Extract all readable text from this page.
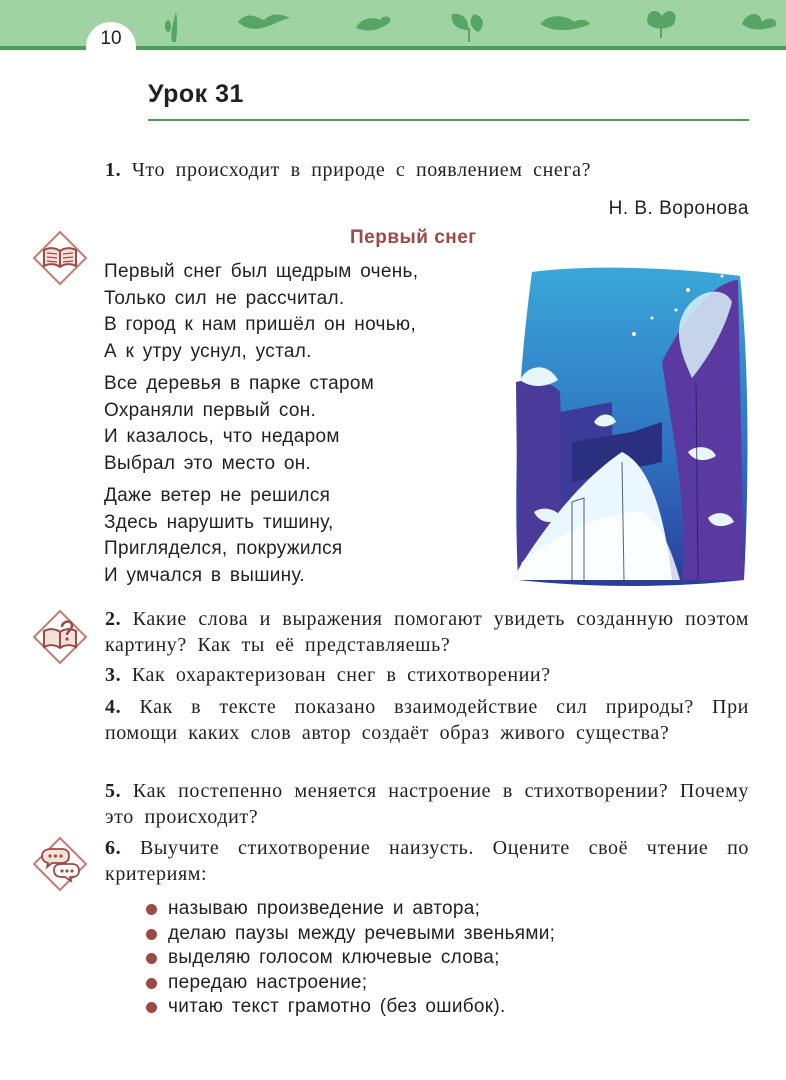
10
Урок 31
1. Что происходит в природе с появлением снега?
Н. В. Воронова
Первый снег
Первый снег был щедрым очень,
Только сил не рассчитал.
В город к нам пришёл он ночью,
А к утру уснул, устал.
Все деревья в парке старом
Охраняли первый сон.
И казалось, что недаром
Выбрал это место он.
Даже ветер не решился
Здесь нарушить тишину,
Пригляделся, покружился
И умчался в вышину.
2. Какие слова и выражения помогают увидеть созданную поэтом картину? Как ты её представляешь?
3. Как охарактеризован снег в стихотворении?
4. Как в тексте показано взаимодействие сил природы? При помощи каких слов автор создаёт образ живого существа?
5. Как постепенно меняется настроение в стихотворении? Почему это происходит?
6. Выучите стихотворение наизусть. Оцените своё чтение по критериям:
называю произведение и автора;
делаю паузы между речевыми звеньями;
выделяю голосом ключевые слова;
передаю настроение;
читаю текст грамотно (без ошибок).
